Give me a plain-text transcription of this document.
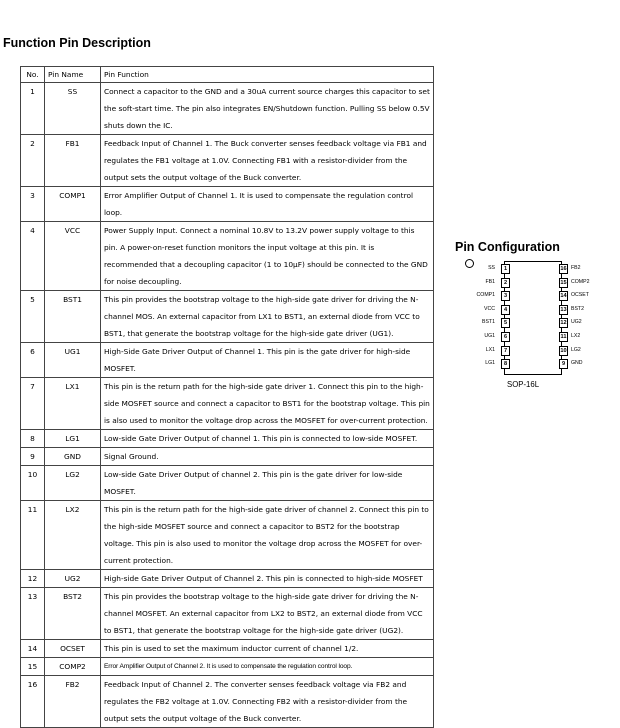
Function Pin Description
No.	Pin Name	Pin Function
1	SS	Connect a capacitor to the GND and a 30uA current source charges this capacitor to set the soft-start time. The pin also integrates EN/Shutdown function. Pulling SS below 0.5V shuts down the IC.
2	FB1	Feedback Input of Channel 1. The Buck converter senses feedback voltage via FB1 and regulates the FB1 voltage at 1.0V. Connecting FB1 with a resistor-divider from the output sets the output voltage of the Buck converter.
3	COMP1	Error Amplifier Output of Channel 1. It is used to compensate the regulation control loop.
4	VCC	Power Supply Input. Connect a nominal 10.8V to 13.2V power supply voltage to this pin. A power-on-reset function monitors the input voltage at this pin. It is recommended that a decoupling capacitor (1 to 10μF) should be connected to the GND for noise decoupling.
5	BST1	This pin provides the bootstrap voltage to the high-side gate driver for driving the N-channel MOS. An external capacitor from LX1 to BST1, an external diode from VCC to BST1, that generate the bootstrap voltage for the high-side gate driver (UG1).
6	UG1	High-Side Gate Driver Output of Channel 1. This pin is the gate driver for high-side MOSFET.
7	LX1	This pin is the return path for the high-side gate driver 1. Connect this pin to the high-side MOSFET source and connect a capacitor to BST1 for the bootstrap voltage. This pin is also used to monitor the voltage drop across the MOSFET for over-current protection.
8	LG1	Low-side Gate Driver Output of channel 1. This pin is connected to low-side MOSFET.
9	GND	Signal Ground.
10	LG2	Low-side Gate Driver Output of channel 2. This pin is the gate driver for low-side MOSFET.
11	LX2	This pin is the return path for the high-side gate driver of channel 2. Connect this pin to the high-side MOSFET source and connect a capacitor to BST2 for the bootstrap voltage. This pin is also used to monitor the voltage drop across the MOSFET for over-current protection.
12	UG2	High-side Gate Driver Output of Channel 2. This pin is connected to high-side MOSFET
13	BST2	This pin provides the bootstrap voltage to the high-side gate driver for driving the N-channel MOSFET. An external capacitor from LX2 to BST2, an external diode from VCC to BST1, that generate the bootstrap voltage for the high-side gate driver (UG2).
14	OCSET	This pin is used to set the maximum inductor current of channel 1/2.
15	COMP2	Error Amplifier Output of Channel 2. It is used to compensate the regulation control loop.
16	FB2	Feedback Input of Channel 2. The converter senses feedback voltage via FB2 and regulates the FB2 voltage at 1.0V. Connecting FB2 with a resistor-divider from the output sets the output voltage of the Buck converter.
Pin Configuration
SS	1
FB1	2
COMP1	3
VCC	4
BST1	5
UG1	6
LX1	7
LG1	8
16 FB2
15 COMP2
14 OCSET
13 BST2
12 UG2
11 LX2
10 LG2
9	GND
SOP-16L
